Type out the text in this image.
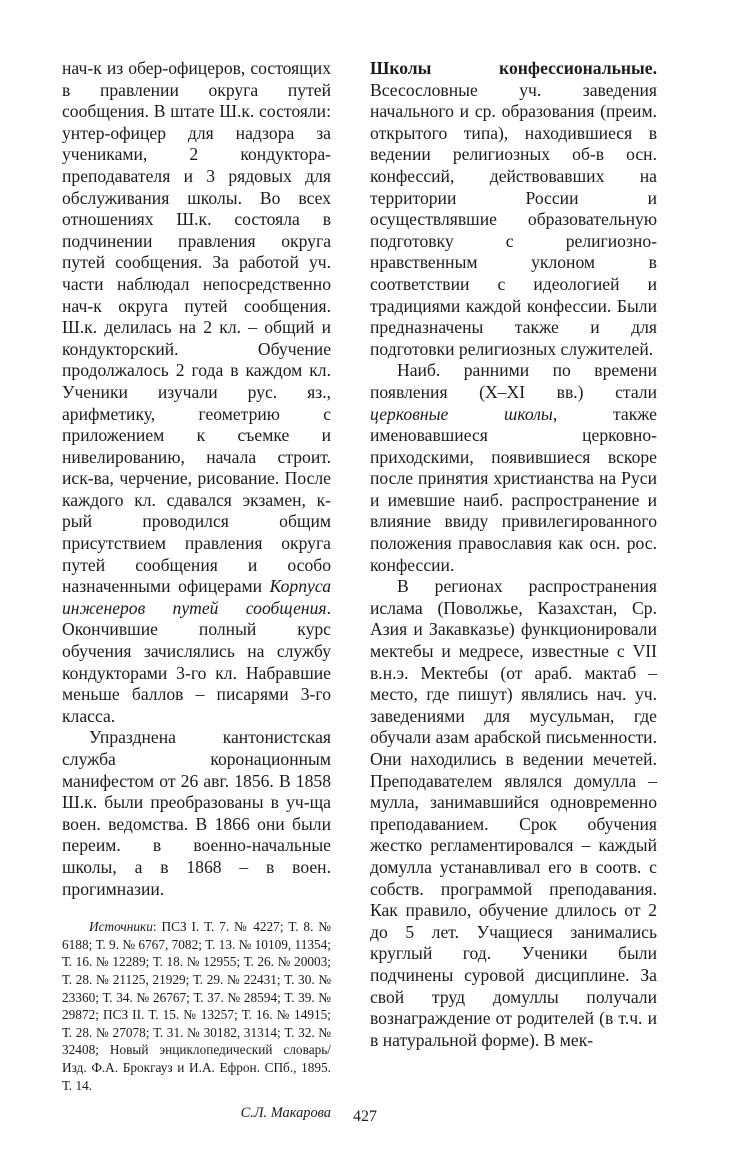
нач-к из обер-офицеров, состоящих в правлении округа путей сообщения. В штате Ш.к. состояли: унтер-офицер для надзора за учениками, 2 кондуктора-преподавателя и 3 рядовых для обслуживания школы. Во всех отношениях Ш.к. состояла в подчинении правления округа путей сообщения. За работой уч. части наблюдал непосредственно нач-к округа путей сообщения. Ш.к. делилась на 2 кл. – общий и кондукторский. Обучение продолжалось 2 года в каждом кл. Ученики изучали рус. яз., арифметику, геометрию с приложением к съемке и нивелированию, начала строит. иск-ва, черчение, рисование. После каждого кл. сдавался экзамен, к-рый проводился общим присутствием правления округа путей сообщения и особо назначенными офицерами Корпуса инженеров путей сообщения. Окончившие полный курс обучения зачислялись на службу кондукторами 3-го кл. Набравшие меньше баллов – писарями 3-го класса.

Упразднена кантонистская служба коронационным манифестом от 26 авг. 1856. В 1858 Ш.к. были преобразованы в уч-ща воен. ведомства. В 1866 они были переим. в военно-начальные школы, а в 1868 – в воен. прогимназии.

Источники: ПСЗ I. Т. 7. № 4227; Т. 8. № 6188; Т. 9. № 6767, 7082; Т. 13. № 10109, 11354; Т. 16. № 12289; Т. 18. № 12955; Т. 26. № 20003; Т. 28. № 21125, 21929; Т. 29. № 22431; Т. 30. № 23360; Т. 34. № 26767; Т. 37. № 28594; Т. 39. № 29872; ПСЗ II. Т. 15. № 13257; Т. 16. № 14915; Т. 28. № 27078; Т. 31. № 30182, 31314; Т. 32. № 32408; Новый энциклопедический словарь/Изд. Ф.А. Брокгауз и И.А. Ефрон. СПб., 1895. Т. 14.

С.Л. Макарова

Школы конфессиональные. Всесословные уч. заведения начального и ср. образования (преим. открытого типа), находившиеся в ведении религиозных об-в осн. конфессий, действовавших на территории России и осуществлявшие образовательную подготовку с религиозно-нравственным уклоном в соответствии с идеологией и традициями каждой конфессии. Были предназначены также и для подготовки религиозных служителей.

Наиб. ранними по времени появления (X–XI вв.) стали церковные школы, также именовавшиеся церковно-приходскими, появившиеся вскоре после принятия христианства на Руси и имевшие наиб. распространение и влияние ввиду привилегированного положения православия как осн. рос. конфессии.

В регионах распространения ислама (Поволжье, Казахстан, Ср. Азия и Закавказье) функционировали мектебы и медресе, известные с VII в.н.э. Мектебы (от араб. мактаб – место, где пишут) являлись нач. уч. заведениями для мусульман, где обучали азам арабской письменности. Они находились в ведении мечетей. Преподавателем являлся домулла – мулла, занимавшийся одновременно преподаванием. Срок обучения жестко регламентировался – каждый домулла устанавливал его в соотв. с собств. программой преподавания. Как правило, обучение длилось от 2 до 5 лет. Учащиеся занимались круглый год. Ученики были подчинены суровой дисциплине. За свой труд домуллы получали вознаграждение от родителей (в т.ч. и в натуральной форме). В мек-

427
